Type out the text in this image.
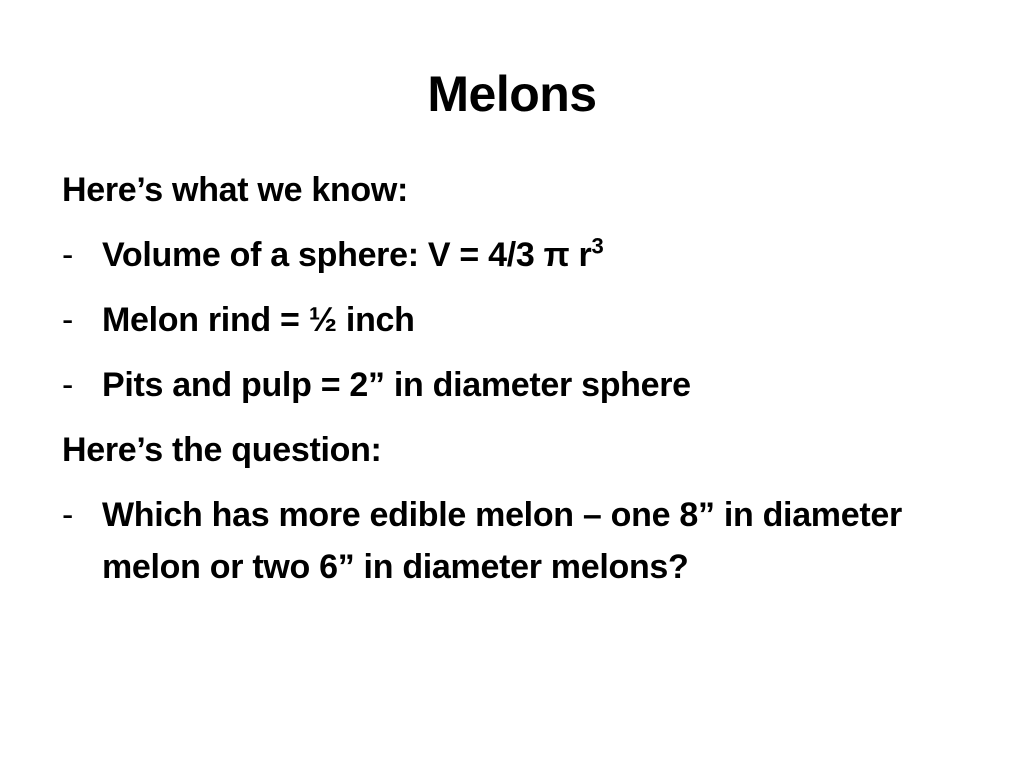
Melons
Here’s what we know:
- Volume of a sphere: V = 4/3 π $r^3$
- Melon rind = ½ inch
- Pits and pulp = 2” in diameter sphere
Here’s the question:
- Which has more edible melon – one 8” in diameter melon or two 6” in diameter melons?
